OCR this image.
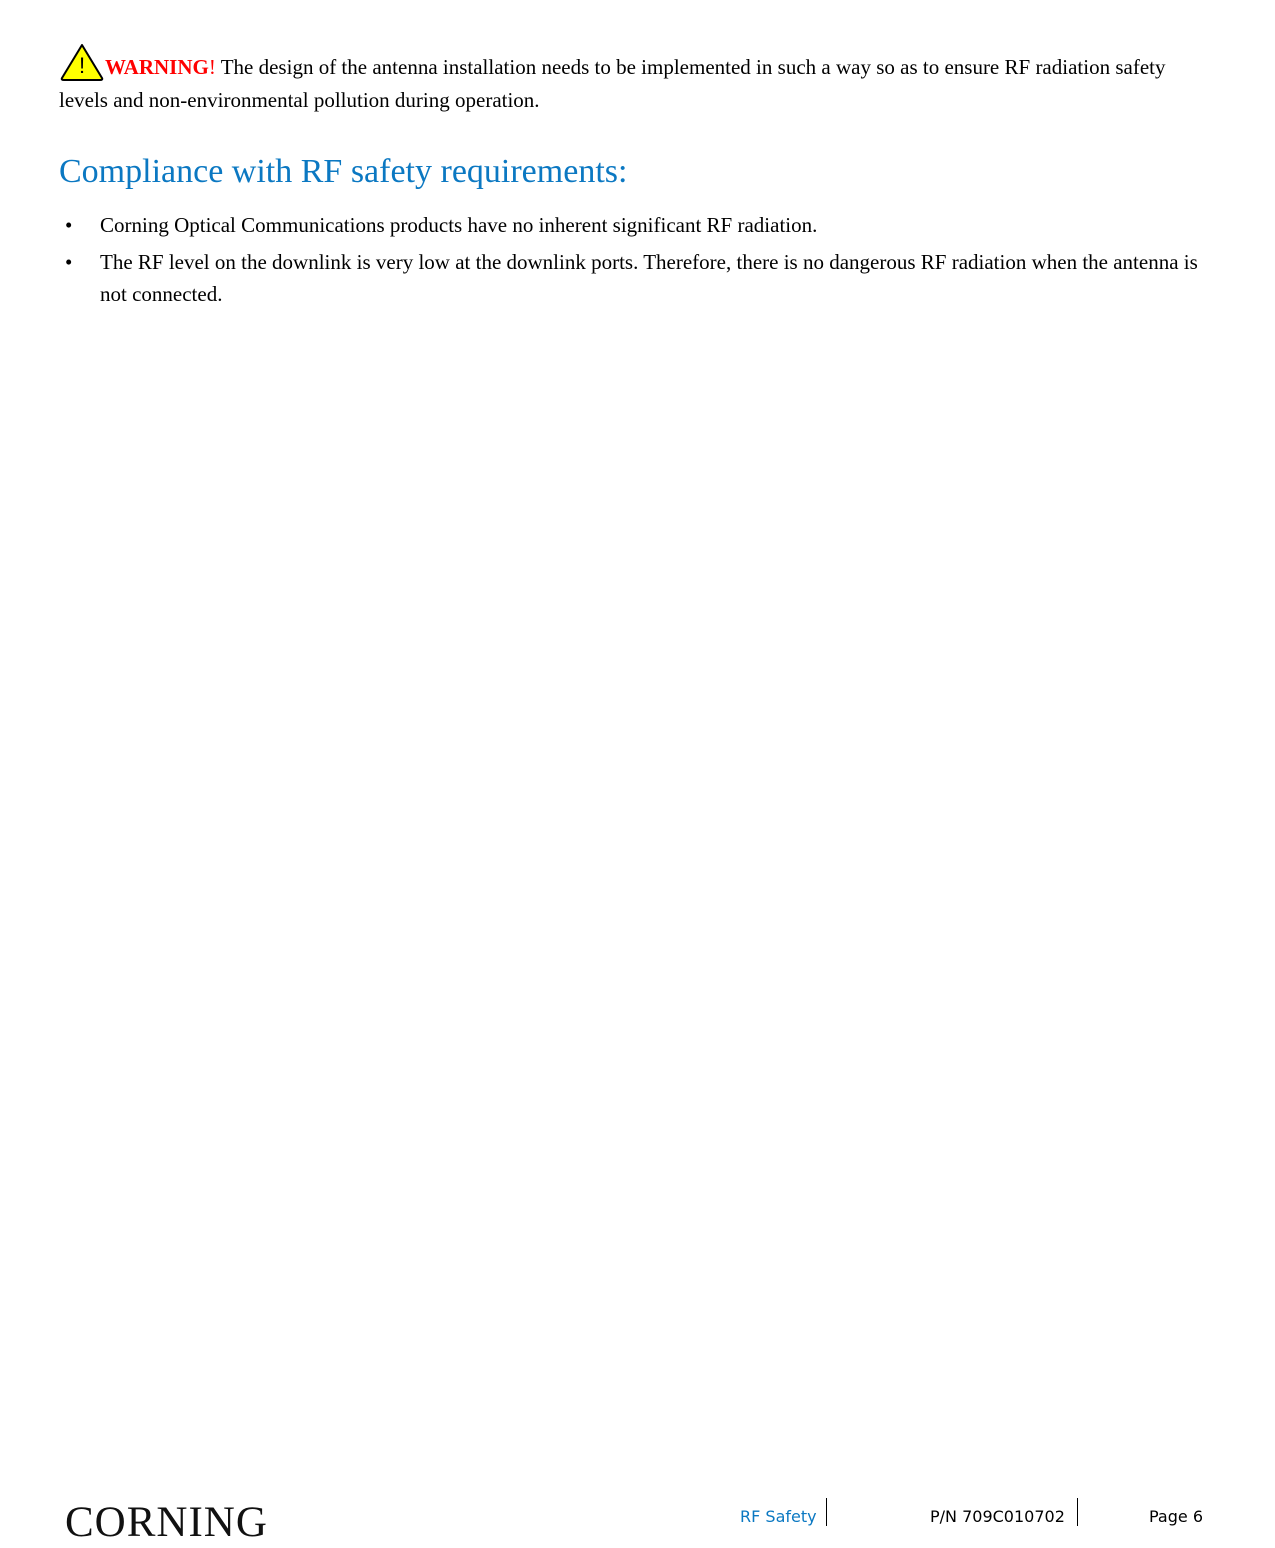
! WARNING! The design of the antenna installation needs to be implemented in such a way so as to ensure RF radiation safety levels and non-environmental pollution during operation.
Compliance with RF safety requirements:
• Corning Optical Communications products have no inherent significant RF radiation.
• The RF level on the downlink is very low at the downlink ports. Therefore, there is no dangerous RF radiation when the antenna is not connected.
CORNING	RF Safety	P/N 709C010702	Page 6
